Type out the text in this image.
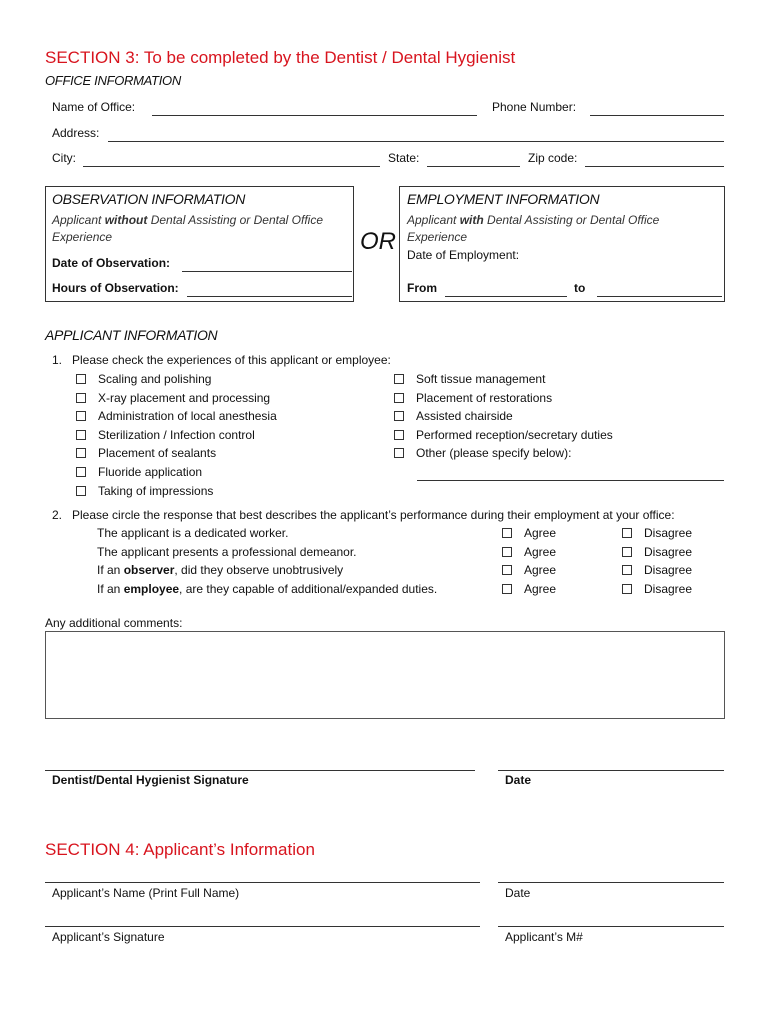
SECTION 3: To be completed by the Dentist / Dental Hygienist
OFFICE INFORMATION
Name of Office:	Phone Number:
Address:
City:	State:	Zip code:
OBSERVATION INFORMATION
Applicant without Dental Assisting or Dental Office Experience
Date of Observation:
Hours of Observation:
OR
EMPLOYMENT INFORMATION
Applicant with Dental Assisting or Dental Office Experience
Date of Employment:
From	to
APPLICANT INFORMATION
1.   Please check the experiences of this applicant or employee:
Scaling and polishing
X-ray placement and processing
Administration of local anesthesia
Sterilization / Infection control
Placement of sealants
Fluoride application
Taking of impressions
Soft tissue management
Placement of restorations
Assisted chairside
Performed reception/secretary duties
Other (please specify below):
2.   Please circle the response that best describes the applicant’s performance during their employment at your office:
The applicant is a dedicated worker.	Agree	Disagree
The applicant presents a professional demeanor.	Agree	Disagree
If an observer, did they observe unobtrusively	Agree	Disagree
If an employee, are they capable of additional/expanded duties.	Agree	Disagree
Any additional comments:
Dentist/Dental Hygienist Signature	Date
SECTION 4: Applicant’s Information
Applicant’s Name (Print Full Name)	Date
Applicant’s Signature	Applicant’s M#
